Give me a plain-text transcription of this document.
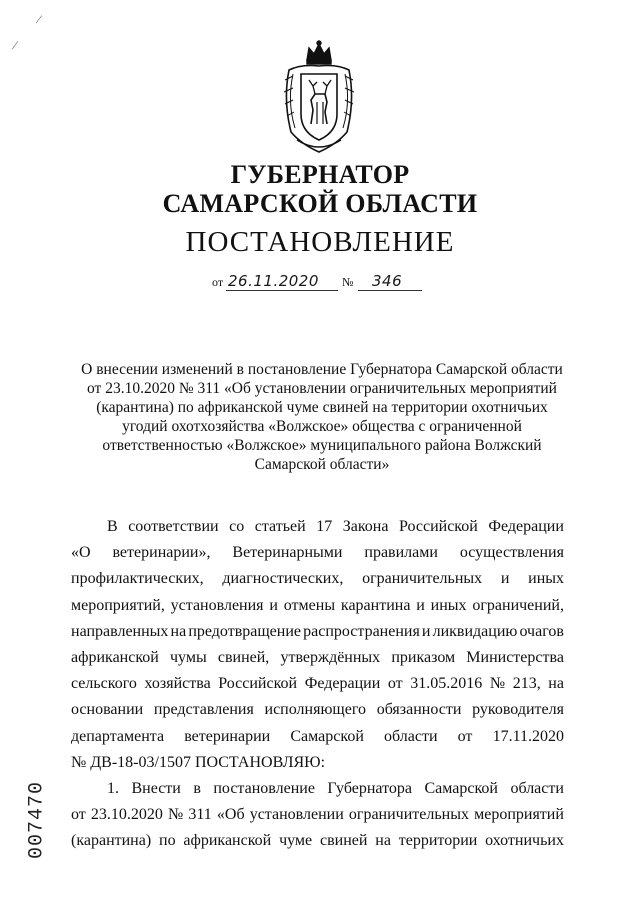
ГУБЕРНАТОР
САМАРСКОЙ ОБЛАСТИ
ПОСТАНОВЛЕНИЕ
от 26.11.2020 № 346
О внесении изменений в постановление Губернатора Самарской области
от 23.10.2020 № 311 «Об установлении ограничительных мероприятий
(карантина) по африканской чуме свиней на территории охотничьих
угодий охотхозяйства «Волжское» общества с ограниченной
ответственностью «Волжское» муниципального района Волжский
Самарской области»
В соответствии со статьей 17 Закона Российской Федерации
«О ветеринарии», Ветеринарными правилами осуществления
профилактических, диагностических, ограничительных и иных
мероприятий, установления и отмены карантина и иных ограничений,
направленных на предотвращение распространения и ликвидацию очагов
африканской чумы свиней, утверждённых приказом Министерства
сельского хозяйства Российской Федерации от 31.05.2016 № 213, на
основании представления исполняющего обязанности руководителя
департамента ветеринарии Самарской области от 17.11.2020
№ ДВ-18-03/1507 ПОСТАНОВЛЯЮ:
1. Внести в постановление Губернатора Самарской области
от 23.10.2020 № 311 «Об установлении ограничительных мероприятий
(карантина) по африканской чуме свиней на территории охотничьих
007470
⁄
⁄
